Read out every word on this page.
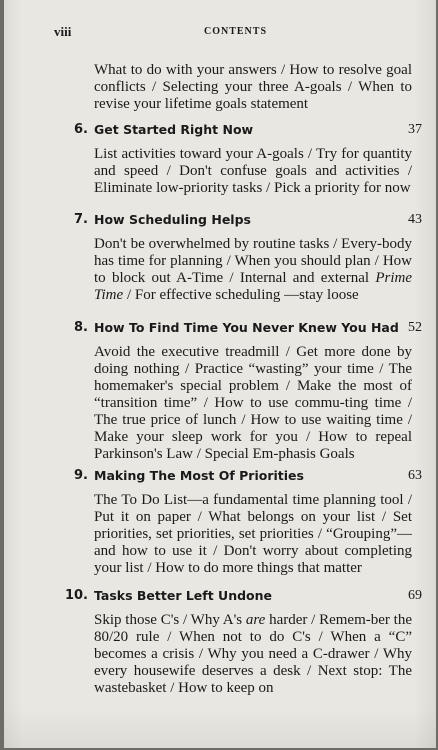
viii	CONTENTS
What to do with your answers / How to resolve goal conflicts / Selecting your three A-goals / When to revise your lifetime goals statement
6. Get Started Right Now	37
List activities toward your A-goals / Try for quantity and speed / Don't confuse goals and activities / Eliminate low-priority tasks / Pick a priority for now
7. How Scheduling Helps	43
Don't be overwhelmed by routine tasks / Every-body has time for planning / When you should plan / How to block out A-Time / Internal and external Prime Time / For effective scheduling —stay loose
8. How To Find Time You Never Knew You Had 52
Avoid the executive treadmill / Get more done by doing nothing / Practice “wasting” your time / The homemaker's special problem / Make the most of “transition time” / How to use commu-ting time / The true price of lunch / How to use waiting time / Make your sleep work for you / How to repeal Parkinson's Law / Special Em-phasis Goals
9. Making The Most Of Priorities	63
The To Do List—a fundamental time planning tool / Put it on paper / What belongs on your list / Set priorities, set priorities, set priorities / “Grouping”—and how to use it / Don't worry about completing your list / How to do more things that matter
10. Tasks Better Left Undone	69
Skip those C's / Why A's are harder / Remem-ber the 80/20 rule / When not to do C's / When a “C” becomes a crisis / Why you need a C-drawer / Why every housewife deserves a desk / Next stop: The wastebasket / How to keep on
